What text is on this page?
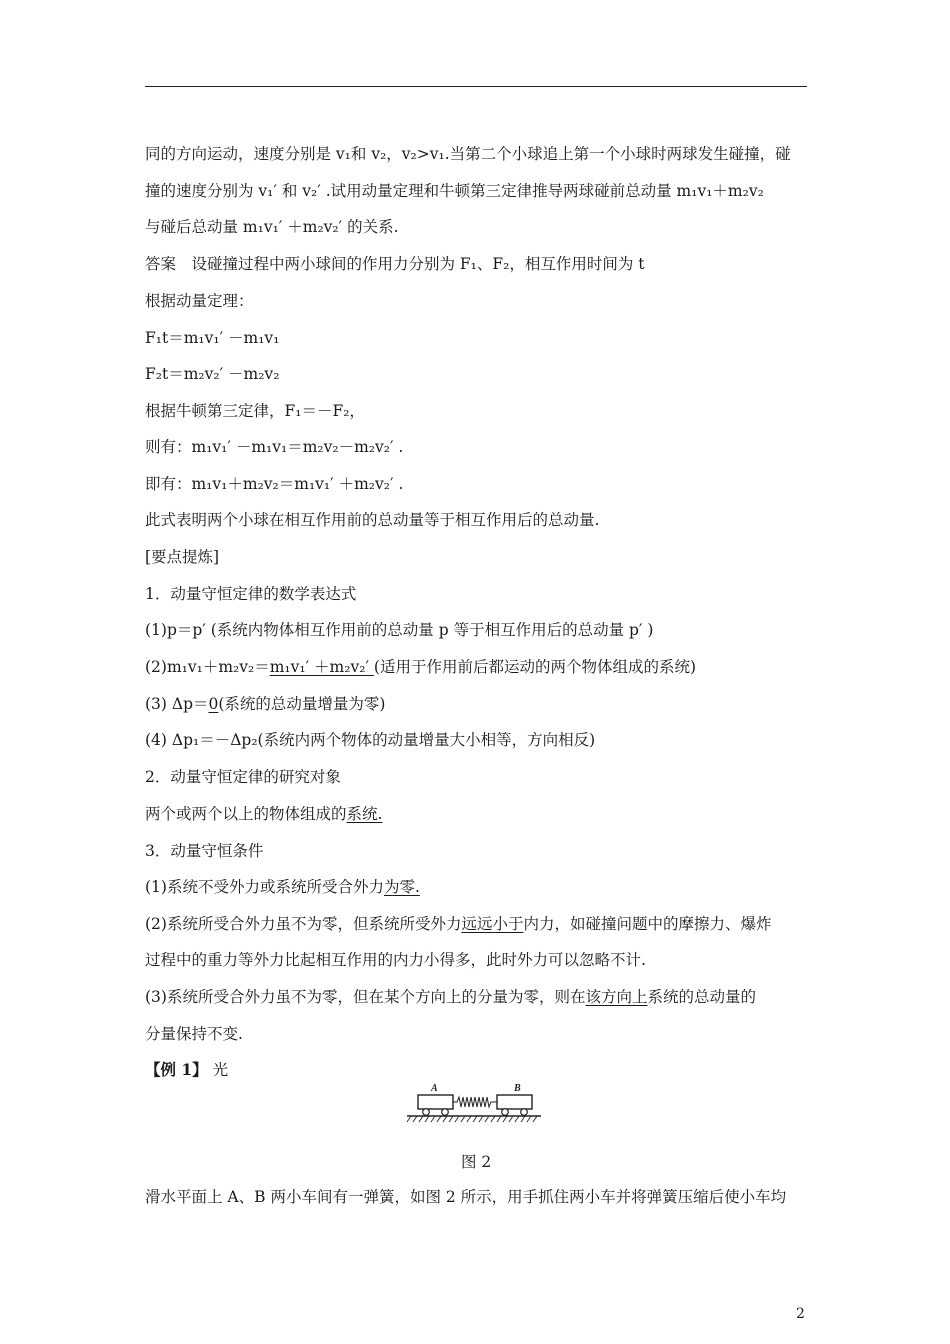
同的方向运动，速度分别是 v₁和 v₂，v₂>v₁.当第二个小球追上第一个小球时两球发生碰撞，碰
撞的速度分别为 v₁′ 和 v₂′ .试用动量定理和牛顿第三定律推导两球碰前总动量 m₁v₁＋m₂v₂
与碰后总动量 m₁v₁′ ＋m₂v₂′ 的关系.
答案　设碰撞过程中两小球间的作用力分别为 F₁、F₂，相互作用时间为 t
根据动量定理：
F₁t＝m₁v₁′ －m₁v₁
F₂t＝m₂v₂′ －m₂v₂
根据牛顿第三定律，F₁＝－F₂，
则有：m₁v₁′ －m₁v₁＝m₂v₂－m₂v₂′ .
即有：m₁v₁＋m₂v₂＝m₁v₁′ ＋m₂v₂′ .
此式表明两个小球在相互作用前的总动量等于相互作用后的总动量.
[要点提炼]
1．动量守恒定律的数学表达式
(1)p＝p′ (系统内物体相互作用前的总动量 p 等于相互作用后的总动量 p′ )
(2)m₁v₁＋m₂v₂＝m₁v₁′ ＋m₂v₂′ (适用于作用前后都运动的两个物体组成的系统)
(3) Δp＝0(系统的总动量增量为零)
(4) Δp₁＝－Δp₂(系统内两个物体的动量增量大小相等，方向相反)
2．动量守恒定律的研究对象
两个或两个以上的物体组成的系统.
3．动量守恒条件
(1)系统不受外力或系统所受合外力为零.
(2)系统所受合外力虽不为零，但系统所受外力远远小于内力，如碰撞问题中的摩擦力、爆炸
过程中的重力等外力比起相互作用的内力小得多，此时外力可以忽略不计.
(3)系统所受合外力虽不为零，但在某个方向上的分量为零，则在该方向上系统的总动量的
分量保持不变.
【例 1】 光
A	B
图 2
滑水平面上 A、B 两小车间有一弹簧，如图 2 所示，用手抓住两小车并将弹簧压缩后使小车均
2
